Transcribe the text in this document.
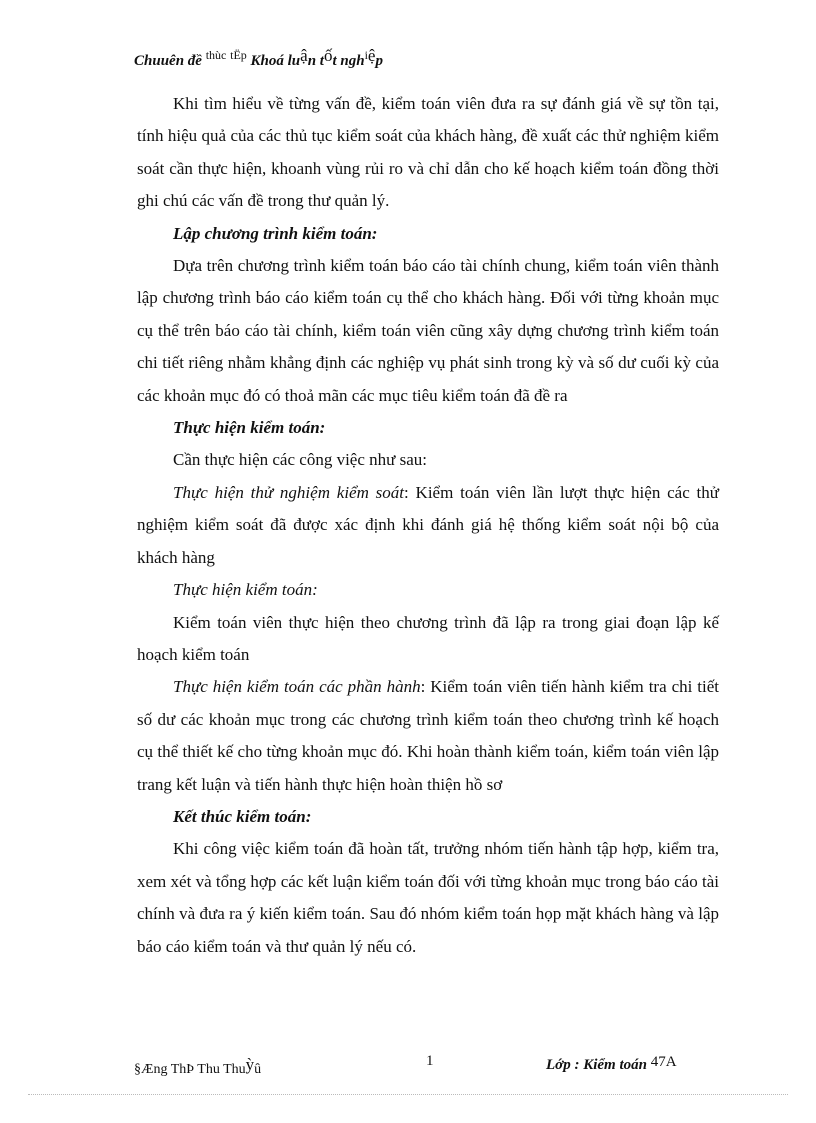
Chuuên đề $^{thùc}$ $^{tËp}$ Khoá luận tốt ngh$^i$ệp

Khi tìm hiểu về từng vấn đề, kiểm toán viên đưa ra sự đánh giá về sự tồn tại, tính hiệu quả của các thủ tục kiểm soát của khách hàng, đề xuất các thử nghiệm kiểm soát cần thực hiện, khoanh vùng rủi ro và chỉ dẫn cho kế hoạch kiểm toán đồng thời ghi chú các vấn đề trong thư quản lý.

Lập chương trình kiểm toán:

Dựa trên chương trình kiểm toán báo cáo tài chính chung, kiểm toán viên thành lập chương trình báo cáo kiểm toán cụ thể cho khách hàng. Đối với từng khoản mục cụ thể trên báo cáo tài chính, kiểm toán viên cũng xây dựng chương trình kiểm toán chi tiết riêng nhằm khẳng định các nghiệp vụ phát sinh trong kỳ và số dư cuối kỳ của các khoản mục đó có thoả mãn các mục tiêu kiểm toán đã đề ra

Thực hiện kiểm toán:

Cần thực hiện các công việc như sau:

Thực hiện thử nghiệm kiểm soát: Kiểm toán viên lần lượt thực hiện các thử nghiệm kiểm soát đã được xác định khi đánh giá hệ thống kiểm soát nội bộ của khách hàng

Thực hiện kiểm toán:

Kiểm toán viên thực hiện theo chương trình đã lập ra trong giai đoạn lập kế hoạch kiểm toán

Thực hiện kiểm toán các phần hành: Kiểm toán viên tiến hành kiểm tra chi tiết số dư các khoản mục trong các chương trình kiểm toán theo chương trình kế hoạch cụ thể thiết kế cho từng khoản mục đó. Khi hoàn thành kiểm toán, kiểm toán viên lập trang kết luận và tiến hành thực hiện hoàn thiện hồ sơ

Kết thúc kiểm toán:

Khi công việc kiểm toán đã hoàn tất, trưởng nhóm tiến hành tập hợp, kiểm tra, xem xét và tổng hợp các kết luận kiểm toán đối với từng khoản mục trong báo cáo tài chính và đưa ra ý kiến kiểm toán. Sau đó nhóm kiểm toán họp mặt khách hàng và lập báo cáo kiểm toán và thư quản lý nếu có.

§Æng ThÞ Thu Thuỳû
1	Lớp : Kiểm toán 47A
